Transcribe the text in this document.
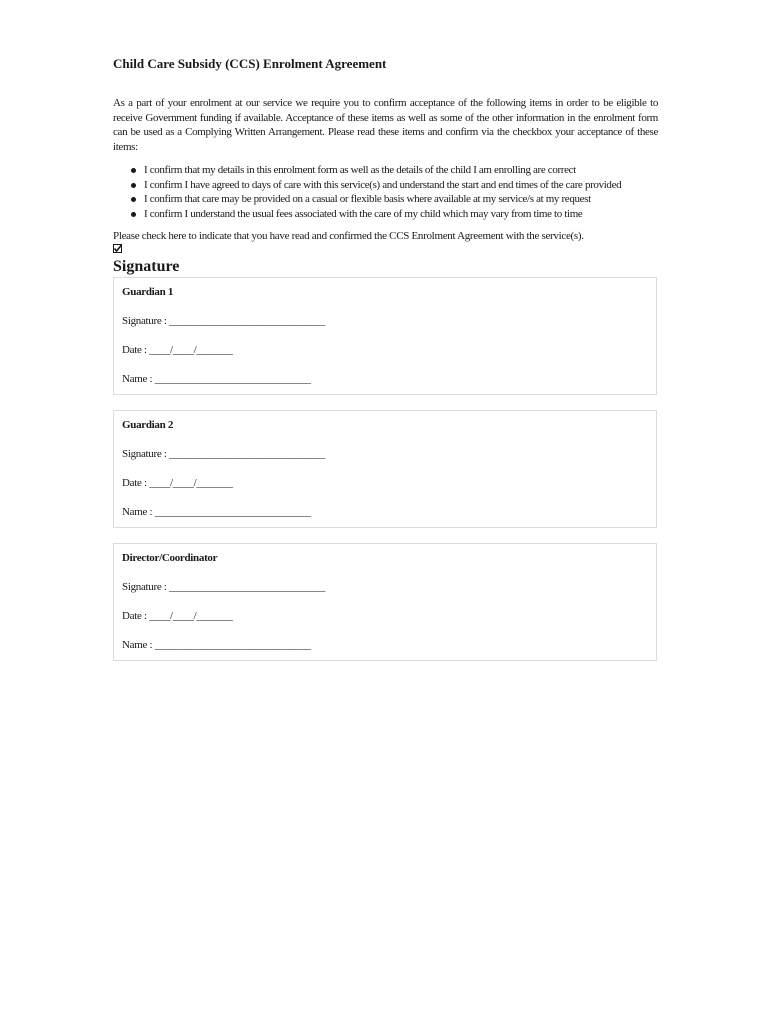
Child Care Subsidy (CCS) Enrolment Agreement

As a part of your enrolment at our service we require you to confirm acceptance of the following items in order to be eligible to receive Government funding if available. Acceptance of these items as well as some of the other information in the enrolment form can be used as a Complying Written Arrangement. Please read these items and confirm via the checkbox your acceptance of these items:

I confirm that my details in this enrolment form as well as the details of the child I am enrolling are correct
I confirm I have agreed to days of care with this service(s) and understand the start and end times of the care provided
I confirm that care may be provided on a casual or flexible basis where available at my service/s at my request
I confirm I understand the usual fees associated with the care of my child which may vary from time to time

Please check here to indicate that you have read and confirmed the CCS Enrolment Agreement with the service(s).

Signature
Guardian 1
Signature : ______________________________
Date : ____/____/_______
Name : ______________________________
Guardian 2
Signature : ______________________________
Date : ____/____/_______
Name : ______________________________
Director/Coordinator
Signature : ______________________________
Date : ____/____/_______
Name : ______________________________
